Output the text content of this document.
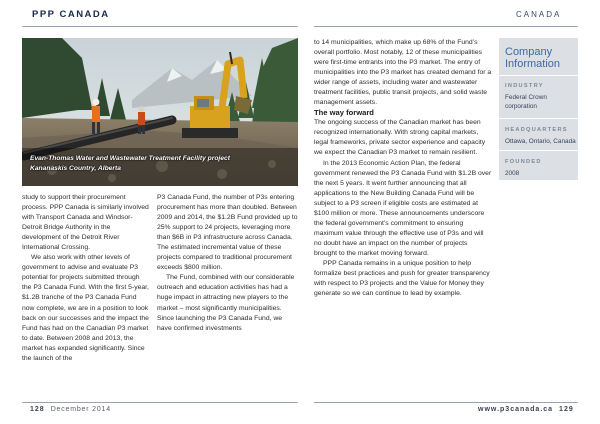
PPP CANADA	CANADA
Evan-Thomas Water and Wastewater Treatment Facility project
Kananaskis Country, Alberta

study to support their procurement process. PPP Canada is similarly involved with Transport Canada and Windsor-Detroit Bridge Authority in the development of the Detroit River International Crossing.

We also work with other levels of government to advise and evaluate P3 potential for projects submitted through the P3 Canada Fund. With the first 5-year, $1.2B tranche of the P3 Canada Fund now complete, we are in a position to look back on our successes and the impact the Fund has had on the Canadian P3 market to date. Between 2008 and 2013, the market has expanded significantly. Since the launch of the

P3 Canada Fund, the number of P3s entering procurement has more than doubled. Between 2009 and 2014, the $1.2B Fund provided up to 25% support to 24 projects, leveraging more than $6B in P3 infrastructure across Canada. The estimated incremental value of these projects compared to traditional procurement exceeds $800 million.

The Fund, combined with our considerable outreach and education activities has had a huge impact in attracting new players to the market – most significantly municipalities. Since launching the P3 Canada Fund, we have confirmed investments

to 14 municipalities, which make up 68% of the Fund’s overall portfolio. Most notably, 12 of these municipalities were first-time entrants into the P3 market. The entry of municipalities into the P3 market has created demand for a wider range of assets, including water and wastewater treatment facilities, public transit projects, and solid waste management assets.

The way forward

The ongoing success of the Canadian market has been recognized internationally. With strong capital markets, legal frameworks, private sector experience and capacity we expect the Canadian P3 market to remain resilient.

In the 2013 Economic Action Plan, the federal government renewed the P3 Canada Fund with $1.2B over the next 5 years. It went further announcing that all applications to the New Building Canada Fund will be subject to a P3 screen if eligible costs are estimated at $100 million or more. These announcements underscore the federal government’s commitment to ensuring maximum value through the effective use of P3s and will no doubt have an impact on the number of projects brought to the market moving forward.

PPP Canada remains in a unique position to help formalize best practices and push for greater transparency with respect to P3 projects and the Value for Money they generate so we can continue to lead by example.

Company
Information
INDUSTRY
Federal Crown
corporation
HEADQUARTERS
Ottawa, Ontario, Canada
FOUNDED
2008
128 December 2014	www.p3canada.ca 129
